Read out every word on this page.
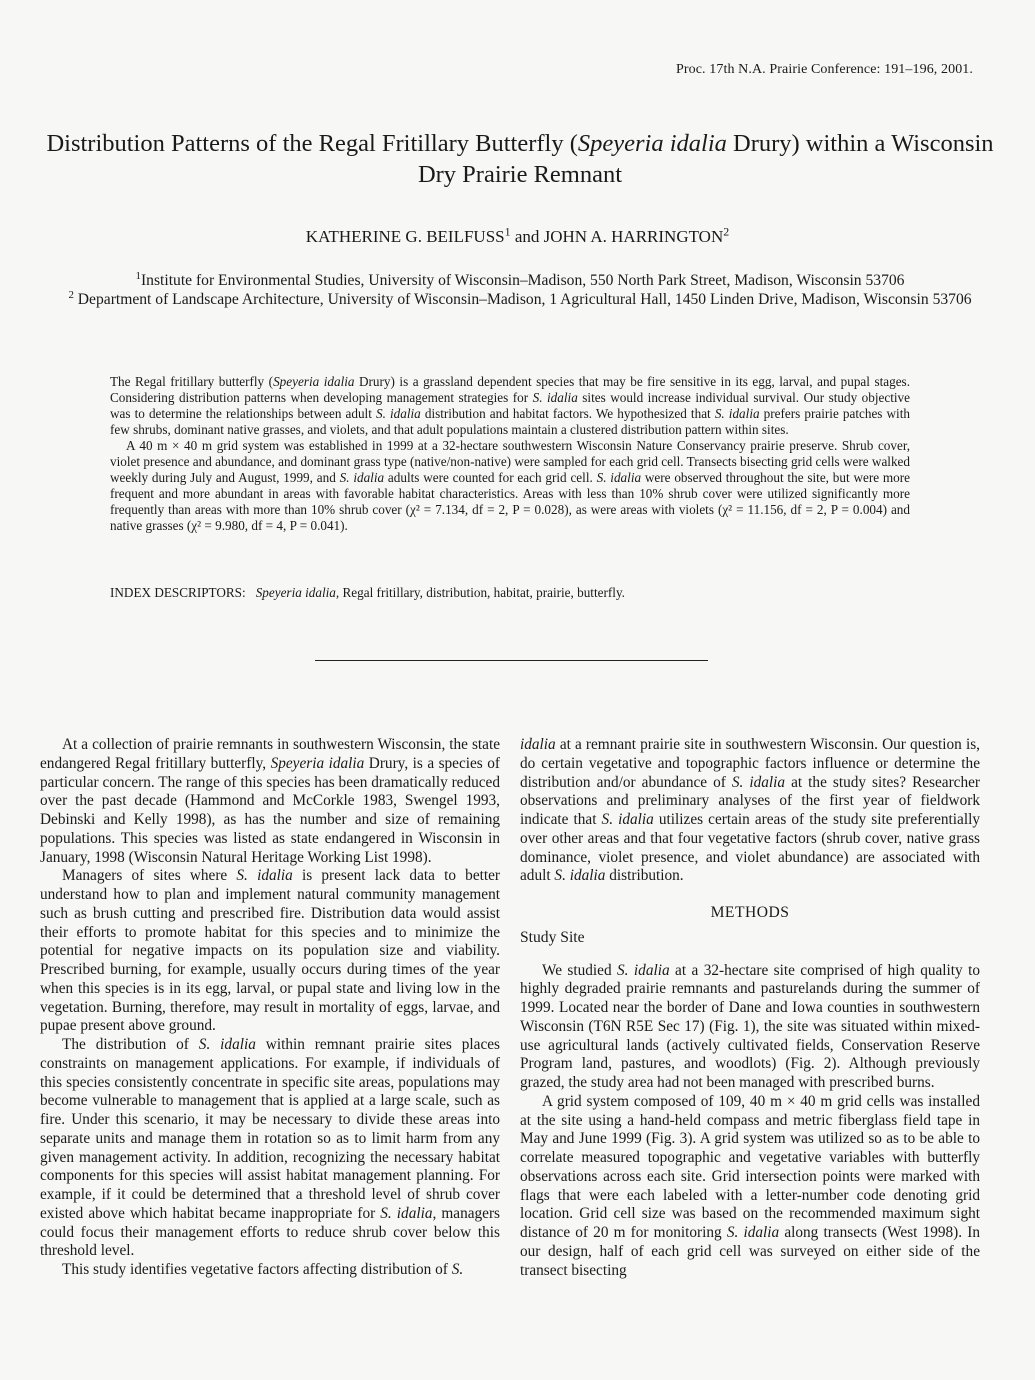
Proc. 17th N.A. Prairie Conference: 191–196, 2001.
Distribution Patterns of the Regal Fritillary Butterfly (Speyeria idalia Drury) within a Wisconsin Dry Prairie Remnant
KATHERINE G. BEILFUSS$^1$ and JOHN A. HARRINGTON$^2$
$^1$Institute for Environmental Studies, University of Wisconsin–Madison, 550 North Park Street, Madison, Wisconsin 53706
$^2$ Department of Landscape Architecture, University of Wisconsin–Madison, 1 Agricultural Hall, 1450 Linden Drive, Madison, Wisconsin 53706

The Regal fritillary butterfly (Speyeria idalia Drury) is a grassland dependent species that may be fire sensitive in its egg, larval, and pupal stages. Considering distribution patterns when developing management strategies for S. idalia sites would increase individual survival. Our study objective was to determine the relationships between adult S. idalia distribution and habitat factors. We hypothesized that S. idalia prefers prairie patches with few shrubs, dominant native grasses, and violets, and that adult populations maintain a clustered distribution pattern within sites.

A 40 m × 40 m grid system was established in 1999 at a 32-hectare southwestern Wisconsin Nature Conservancy prairie preserve. Shrub cover, violet presence and abundance, and dominant grass type (native/non-native) were sampled for each grid cell. Transects bisecting grid cells were walked weekly during July and August, 1999, and S. idalia adults were counted for each grid cell. S. idalia were observed throughout the site, but were more frequent and more abundant in areas with favorable habitat characteristics. Areas with less than 10% shrub cover were utilized significantly more frequently than areas with more than 10% shrub cover (χ² = 7.134, df = 2, P = 0.028), as were areas with violets (χ² = 11.156, df = 2, P = 0.004) and native grasses (χ² = 9.980, df = 4, P = 0.041).

INDEX DESCRIPTORS: Speyeria idalia, Regal fritillary, distribution, habitat, prairie, butterfly.

At a collection of prairie remnants in southwestern Wisconsin, the state endangered Regal fritillary butterfly, Speyeria idalia Drury, is a species of particular concern. The range of this species has been dramatically reduced over the past decade (Hammond and McCorkle 1983, Swengel 1993, Debinski and Kelly 1998), as has the number and size of remaining populations. This species was listed as state endangered in Wisconsin in January, 1998 (Wisconsin Natural Heritage Working List 1998).

Managers of sites where S. idalia is present lack data to better understand how to plan and implement natural community management such as brush cutting and prescribed fire. Distribution data would assist their efforts to promote habitat for this species and to minimize the potential for negative impacts on its population size and viability. Prescribed burning, for example, usually occurs during times of the year when this species is in its egg, larval, or pupal state and living low in the vegetation. Burning, therefore, may result in mortality of eggs, larvae, and pupae present above ground.

The distribution of S. idalia within remnant prairie sites places constraints on management applications. For example, if individuals of this species consistently concentrate in specific site areas, populations may become vulnerable to management that is applied at a large scale, such as fire. Under this scenario, it may be necessary to divide these areas into separate units and manage them in rotation so as to limit harm from any given management activity. In addition, recognizing the necessary habitat components for this species will assist habitat management planning. For example, if it could be determined that a threshold level of shrub cover existed above which habitat became inappropriate for S. idalia, managers could focus their management efforts to reduce shrub cover below this threshold level.

This study identifies vegetative factors affecting distribution of S.

idalia at a remnant prairie site in southwestern Wisconsin. Our question is, do certain vegetative and topographic factors influence or determine the distribution and/or abundance of S. idalia at the study sites? Researcher observations and preliminary analyses of the first year of fieldwork indicate that S. idalia utilizes certain areas of the study site preferentially over other areas and that four vegetative factors (shrub cover, native grass dominance, violet presence, and violet abundance) are associated with adult S. idalia distribution.

METHODS
Study Site

We studied S. idalia at a 32-hectare site comprised of high quality to highly degraded prairie remnants and pasturelands during the summer of 1999. Located near the border of Dane and Iowa counties in southwestern Wisconsin (T6N R5E Sec 17) (Fig. 1), the site was situated within mixed-use agricultural lands (actively cultivated fields, Conservation Reserve Program land, pastures, and woodlots) (Fig. 2). Although previously grazed, the study area had not been managed with prescribed burns.

A grid system composed of 109, 40 m × 40 m grid cells was installed at the site using a hand-held compass and metric fiberglass field tape in May and June 1999 (Fig. 3). A grid system was utilized so as to be able to correlate measured topographic and vegetative variables with butterfly observations across each site. Grid intersection points were marked with flags that were each labeled with a letter-number code denoting grid location. Grid cell size was based on the recommended maximum sight distance of 20 m for monitoring S. idalia along transects (West 1998). In our design, half of each grid cell was surveyed on either side of the transect bisecting
